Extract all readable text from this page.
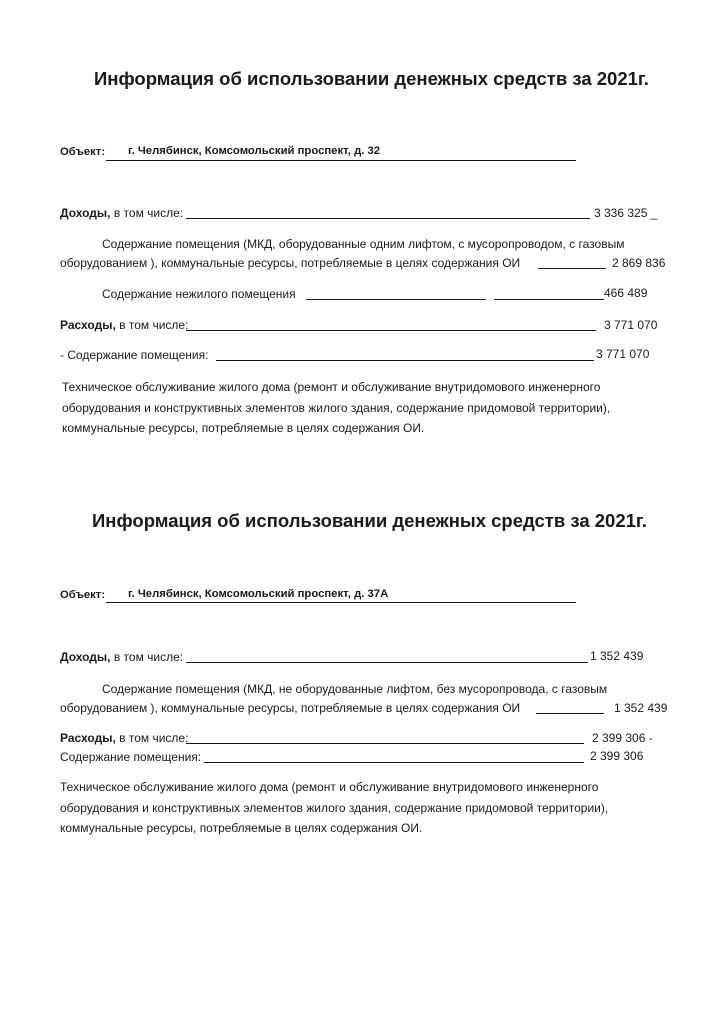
Информация об использовании денежных средств за 2021г.
Объект: г. Челябинск, Комсомольский проспект, д. 32
Доходы, в том числе:	3 336 325 _
Содержание помещения (МКД, оборудованные одним лифтом, с мусоропроводом, с газовым
оборудованием ), коммунальные ресурсы, потребляемые в целях содержания ОИ	2 869 836
Содержание нежилого помещения	466 489
Расходы, в том числе:	3 771 070
- Содержание помещения:	3 771 070
Техническое обслуживание жилого дома (ремонт и обслуживание внутридомового инженерного
оборудования и конструктивных элементов жилого здания, содержание придомовой территории),
коммунальные ресурсы, потребляемые в целях содержания ОИ.
Информация об использовании денежных средств за 2021г.
Объект: г. Челябинск, Комсомольский проспект, д. 37А
Доходы, в том числе:	1 352 439
Содержание помещения (МКД, не оборудованные лифтом, без мусоропровода, с газовым
оборудованием ), коммунальные ресурсы, потребляемые в целях содержания ОИ	1 352 439
Расходы, в том числе:	2 399 306 -
Содержание помещения:	2 399 306
Техническое обслуживание жилого дома (ремонт и обслуживание внутридомового инженерного
оборудования и конструктивных элементов жилого здания, содержание придомовой территории),
коммунальные ресурсы, потребляемые в целях содержания ОИ.
